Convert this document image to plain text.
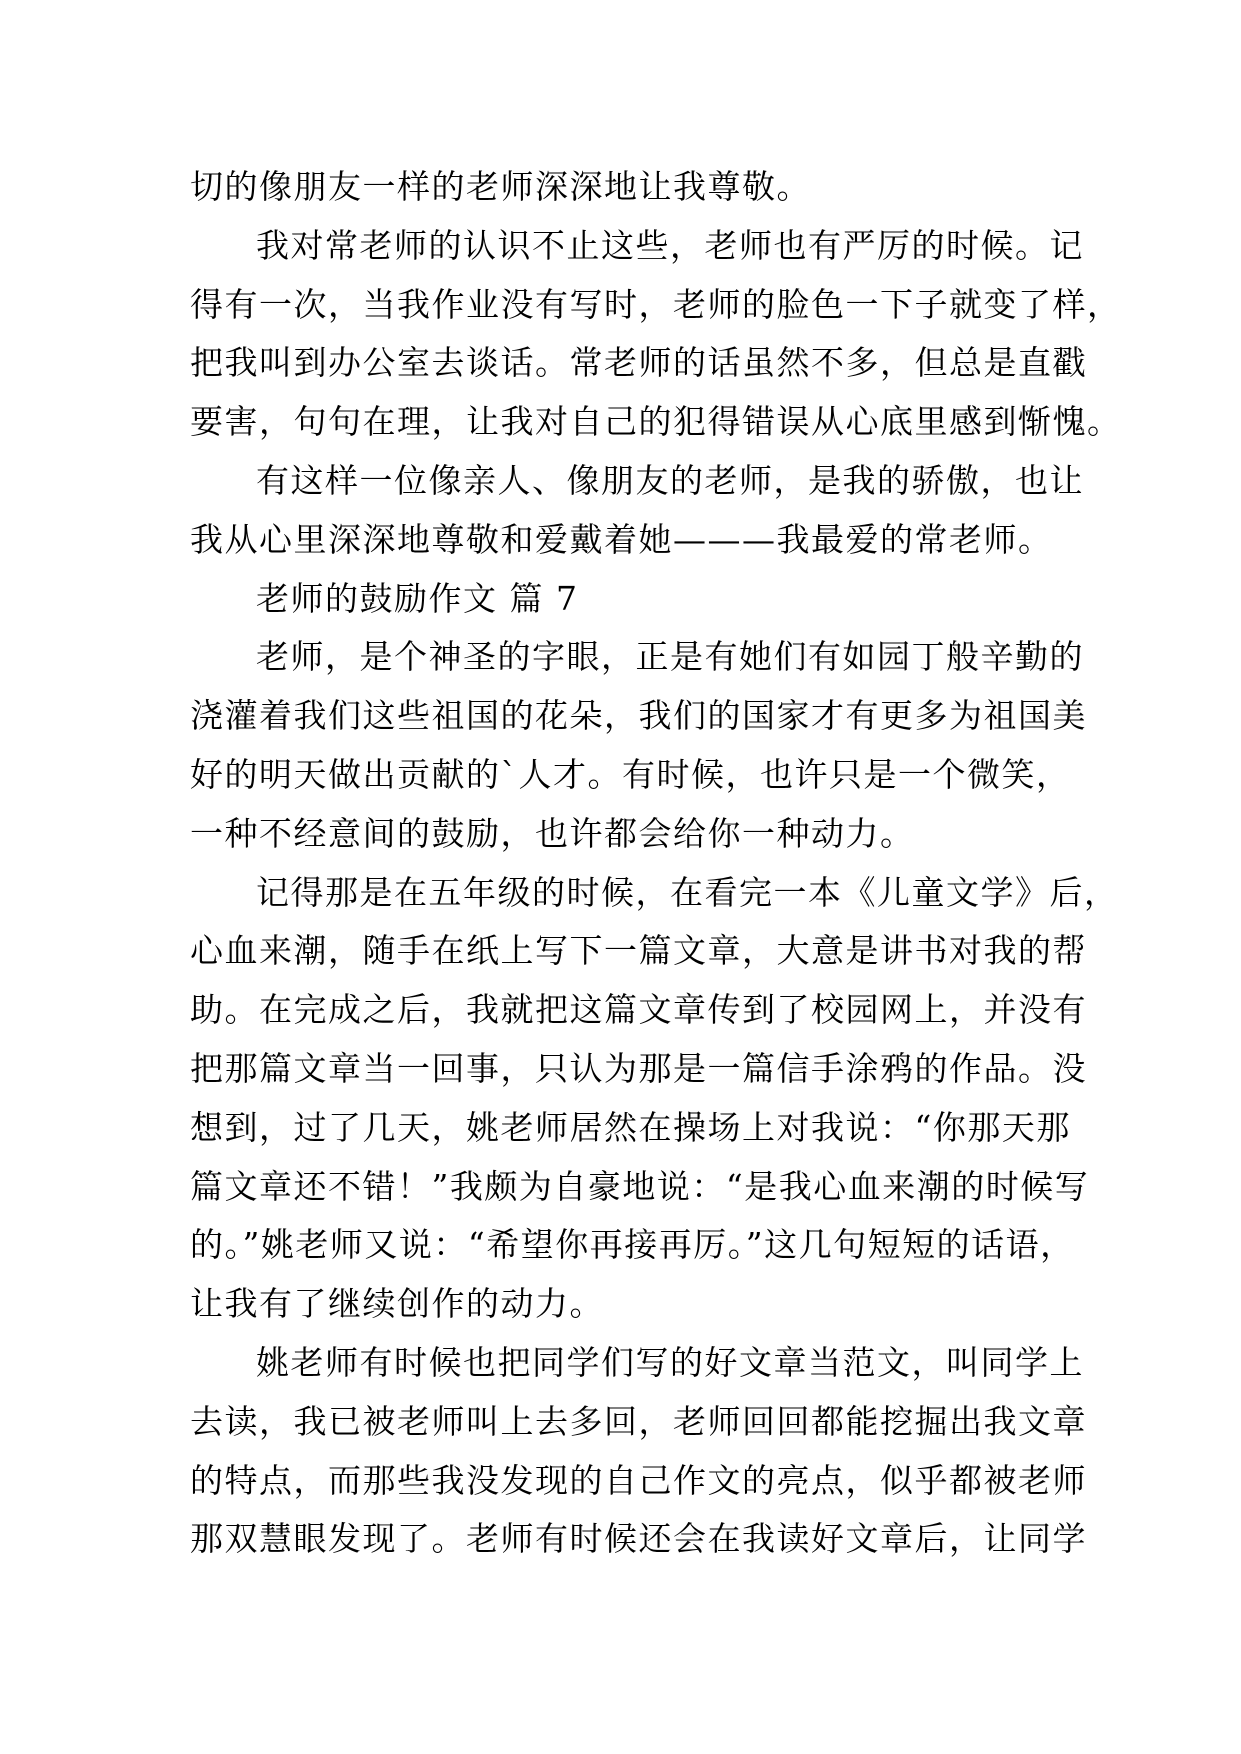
切的像朋友一样的老师深深地让我尊敬。
我对常老师的认识不止这些，老师也有严厉的时候。记
得有一次，当我作业没有写时，老师的脸色一下子就变了样，
把我叫到办公室去谈话。常老师的话虽然不多，但总是直戳
要害，句句在理，让我对自己的犯得错误从心底里感到惭愧。
有这样一位像亲人、像朋友的老师，是我的骄傲，也让
我从心里深深地尊敬和爱戴着她———我最爱的常老师。
老师的鼓励作文 篇 7
老师，是个神圣的字眼，正是有她们有如园丁般辛勤的
浇灌着我们这些祖国的花朵，我们的国家才有更多为祖国美
好的明天做出贡献的`人才。有时候，也许只是一个微笑，
一种不经意间的鼓励，也许都会给你一种动力。
记得那是在五年级的时候，在看完一本《儿童文学》后，
心血来潮，随手在纸上写下一篇文章，大意是讲书对我的帮
助。在完成之后，我就把这篇文章传到了校园网上，并没有
把那篇文章当一回事，只认为那是一篇信手涂鸦的作品。没
想到，过了几天，姚老师居然在操场上对我说：“你那天那
篇文章还不错！”我颇为自豪地说：“是我心血来潮的时候写
的。”姚老师又说：“希望你再接再厉。”这几句短短的话语，
让我有了继续创作的动力。
姚老师有时候也把同学们写的好文章当范文，叫同学上
去读，我已被老师叫上去多回，老师回回都能挖掘出我文章
的特点，而那些我没发现的自己作文的亮点，似乎都被老师
那双慧眼发现了。老师有时候还会在我读好文章后，让同学
